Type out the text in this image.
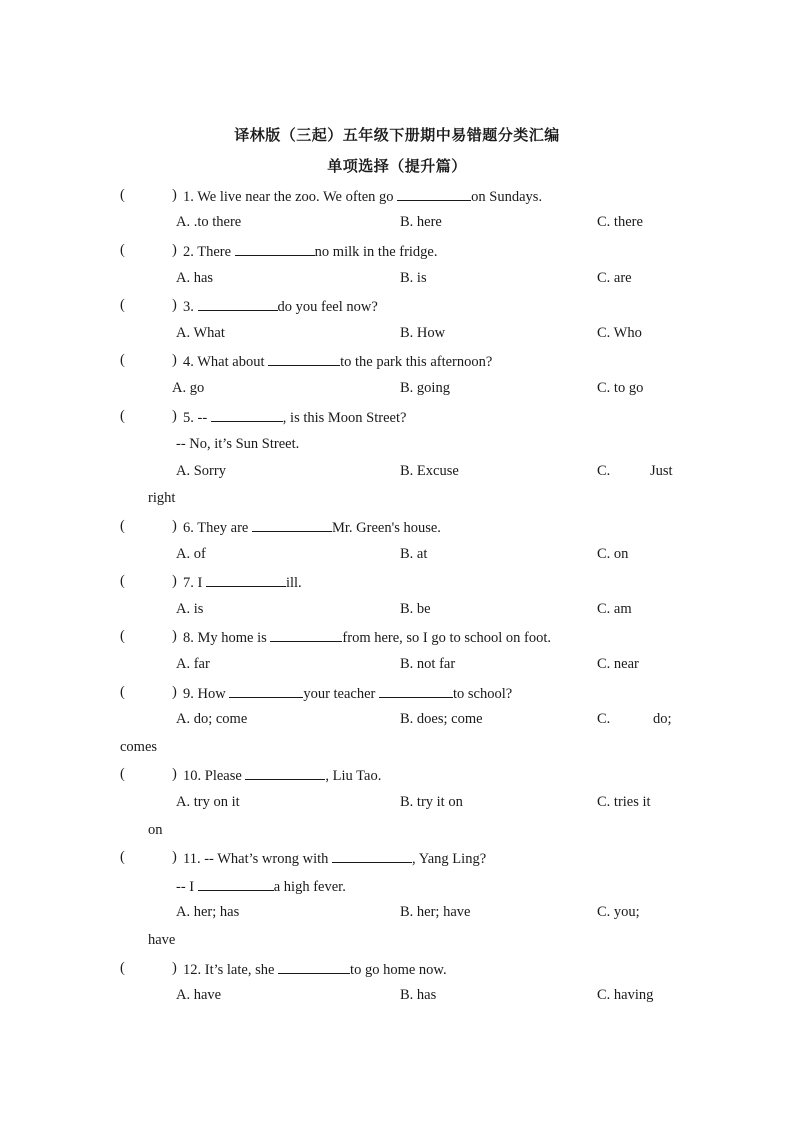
译林版（三起）五年级下册期中易错题分类汇编
单项选择（提升篇）
(	) 1. We live near the zoo. We often go	on Sundays.
A. .to there	B. here	C. there
(	) 2. There	no milk in the fridge.
A. has	B. is	C. are
(	) 3.	do you feel now?
A. What	B. How	C. Who
(	) 4. What about	to the park this afternoon?
A. go	B. going	C. to go
(	) 5. --	, is this Moon Street?
-- No, it’s Sun Street.
A. Sorry	B. Excuse	C.	Just
right
(	) 6. They are	Mr. Green's house.
A. of	B. at	C. on
(	) 7. I	ill.
A. is	B. be	C. am
(	) 8. My home is	from here, so I go to school on foot.
A. far	B. not far	C. near
(	) 9. How	your teacher	to school?
A. do; come	B. does; come	C.	do;
comes
(	) 10. Please	, Liu Tao.
A. try on it	B. try it on	C. tries it
on
(	) 11. -- What’s wrong with	, Yang Ling?
-- I	a high fever.
A. her; has	B. her; have	C. you;
have
(	) 12. It’s late, she	to go home now.
A. have	B. has	C. having
